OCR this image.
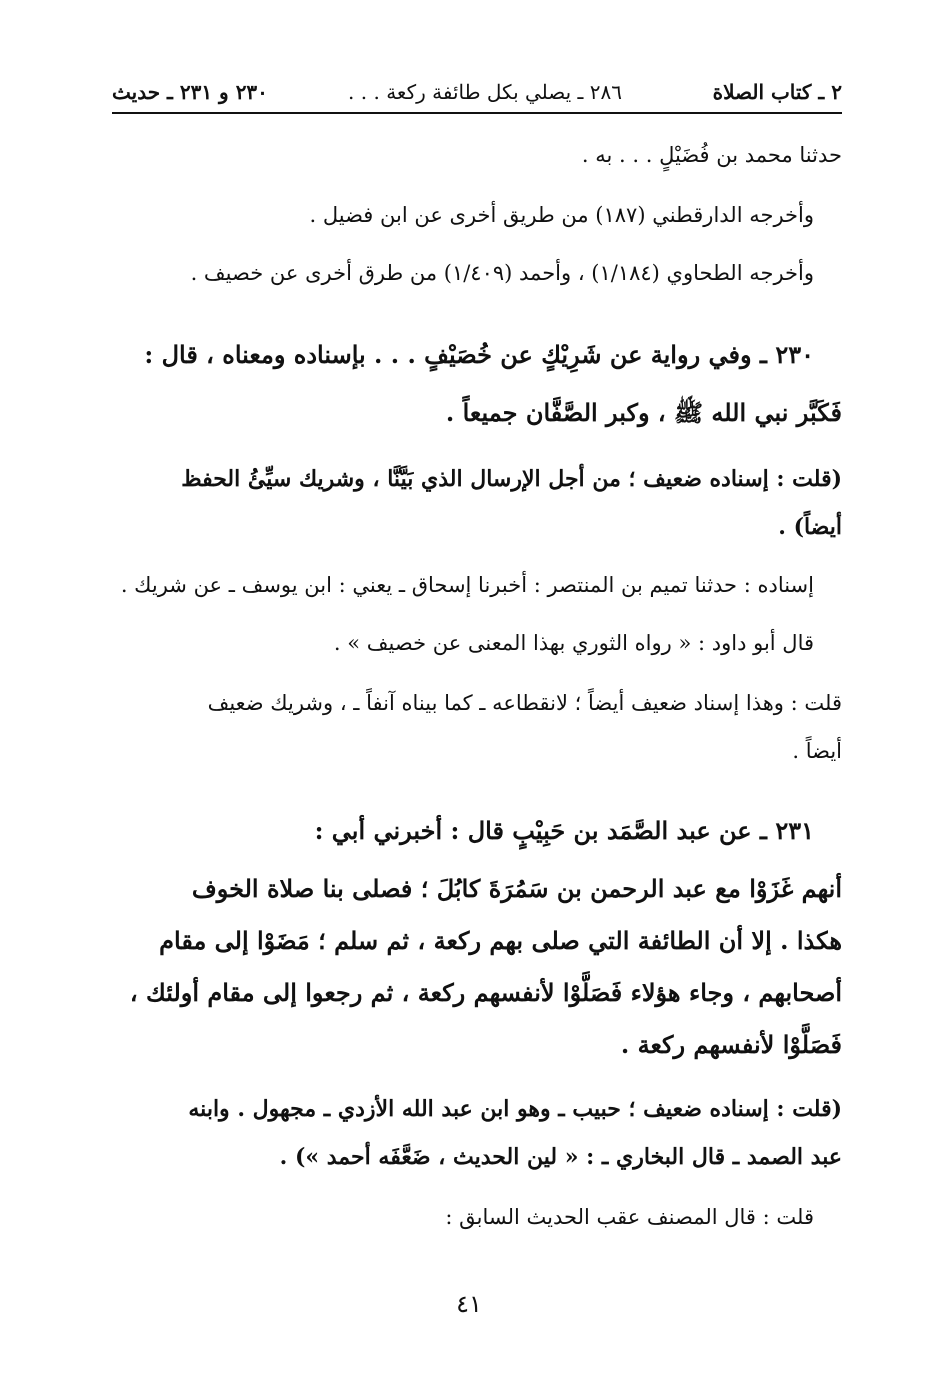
٢ ـ كتاب الصلاة
٢٨٦ ـ يصلي بكل طائفة ركعة . . .
٢٣٠ و ٢٣١ ـ حديث
حدثنا محمد بن فُضَيْلٍ . . . به .
وأخرجه الدارقطني (١٨٧) من طريق أخرى عن ابن فضيل .
وأخرجه الطحاوي (١/١٨٤) ، وأحمد (١/٤٠٩) من طرق أخرى عن خصيف .
٢٣٠ ـ وفي رواية عن شَرِيْكٍ عن خُصَيْفٍ . . . بإسناده ومعناه ، قال :
فَكَبَّر نبي الله ﷺ ، وكبر الصَّفَّان جميعاً .
(قلت : إسناده ضعيف ؛ من أجل الإرسال الذي بَيَّنَّا ، وشريك سيِّئُ الحفظ
أيضاً) .
إسناده : حدثنا تميم بن المنتصر : أخبرنا إسحاق ـ يعني : ابن يوسف ـ عن شريك .
قال أبو داود : « رواه الثوري بهذا المعنى عن خصيف » .
قلت : وهذا إسناد ضعيف أيضاً ؛ لانقطاعه ـ كما بيناه آنفاً ـ ، وشريك ضعيف
أيضاً .
٢٣١ ـ عن عبد الصَّمَد بن حَبِيْبٍ قال : أخبرني أبي :
أنهم غَزَوْا مع عبد الرحمن بن سَمُرَةَ كابُلَ ؛ فصلى بنا صلاة الخوف
هكذا . إلا أن الطائفة التي صلى بهم ركعة ، ثم سلم ؛ مَضَوْا إلى مقام
أصحابهم ، وجاء هؤلاء فَصَلَّوْا لأنفسهم ركعة ، ثم رجعوا إلى مقام أولئك ،
فَصَلَّوْا لأنفسهم ركعة .
(قلت : إسناده ضعيف ؛ حبيب ـ وهو ابن عبد الله الأزدي ـ مجهول . وابنه
عبد الصمد ـ قال البخاري ـ : « لين الحديث ، ضَعَّفَه أحمد ») .
قلت : قال المصنف عقب الحديث السابق :
٤١
